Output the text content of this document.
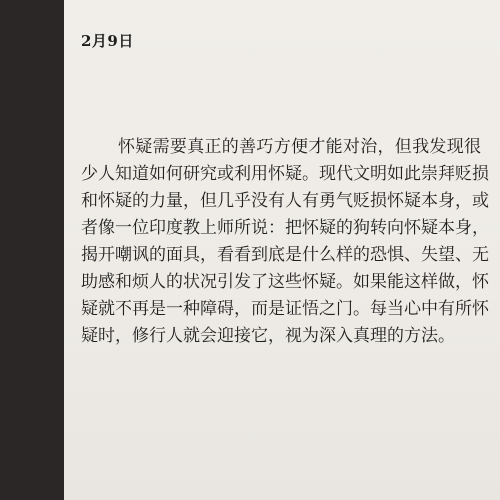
2月9日
怀疑需要真正的善巧方便才能对治，但我发现很
少人知道如何研究或利用怀疑。现代文明如此崇拜贬损
和怀疑的力量，但几乎没有人有勇气贬损怀疑本身，或
者像一位印度教上师所说：把怀疑的狗转向怀疑本身，
揭开嘲讽的面具，看看到底是什么样的恐惧、失望、无
助感和烦人的状况引发了这些怀疑。如果能这样做，怀
疑就不再是一种障碍，而是证悟之门。每当心中有所怀
疑时，修行人就会迎接它，视为深入真理的方法。
